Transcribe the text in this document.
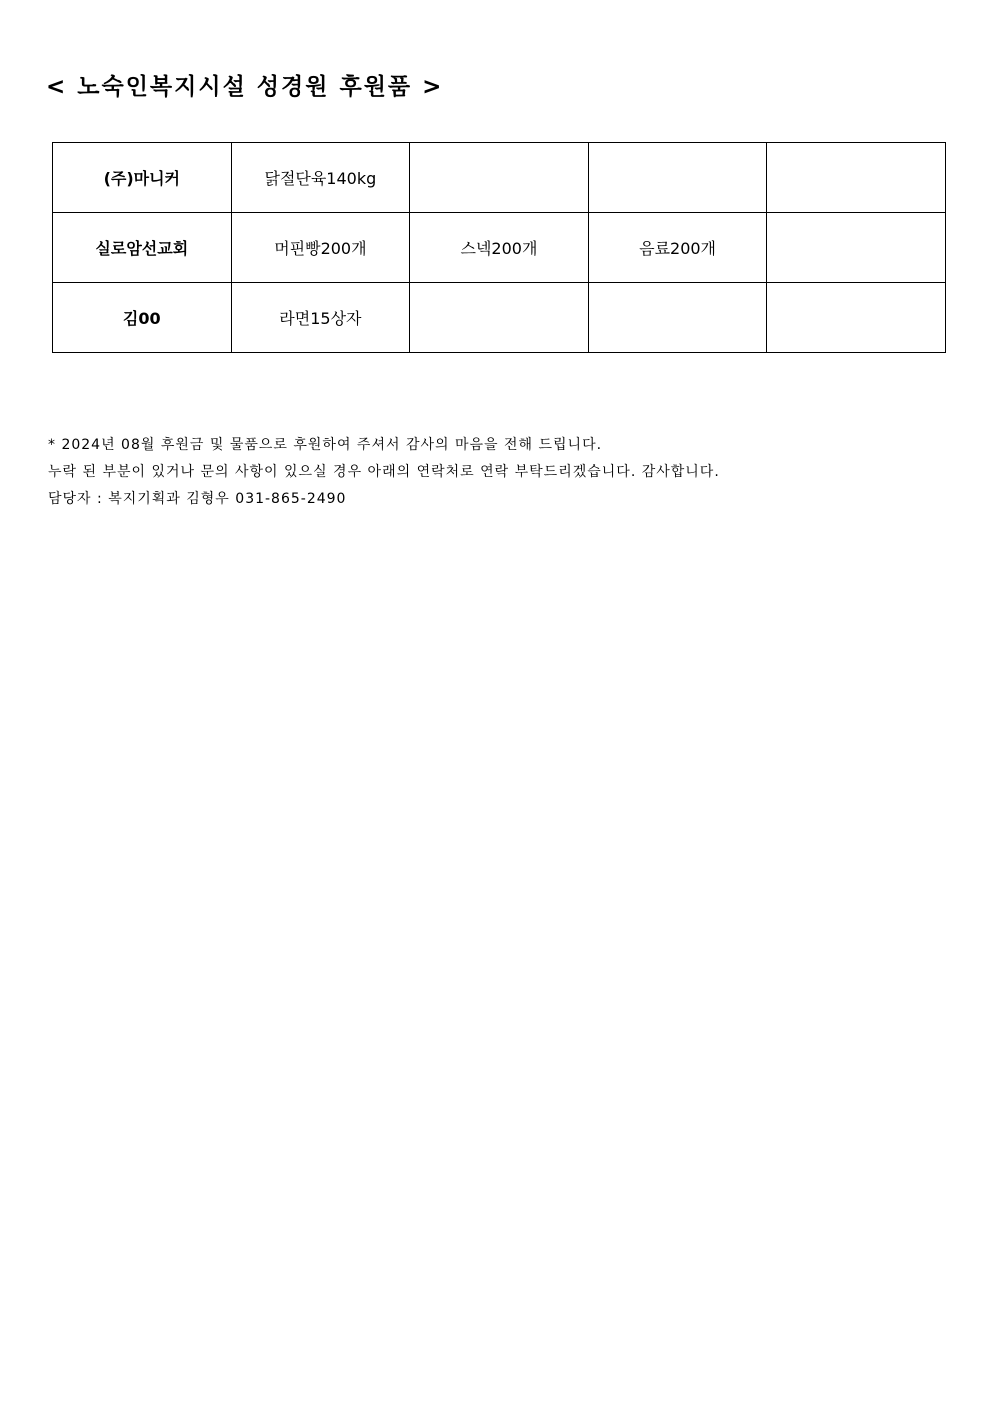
< 노숙인복지시설 성경원 후원품 >
(주)마니커	닭절단육140kg			
실로암선교회	머핀빵200개	스넥200개	음료200개	
김00	라면15상자			
* 2024년 08월 후원금 및 물품으로 후원하여 주셔서 감사의 마음을 전해 드립니다.
누락 된 부분이 있거나 문의 사항이 있으실 경우 아래의 연락처로 연락 부탁드리겠습니다. 감사합니다.
담당자 : 복지기획과 김형우 031-865-2490
